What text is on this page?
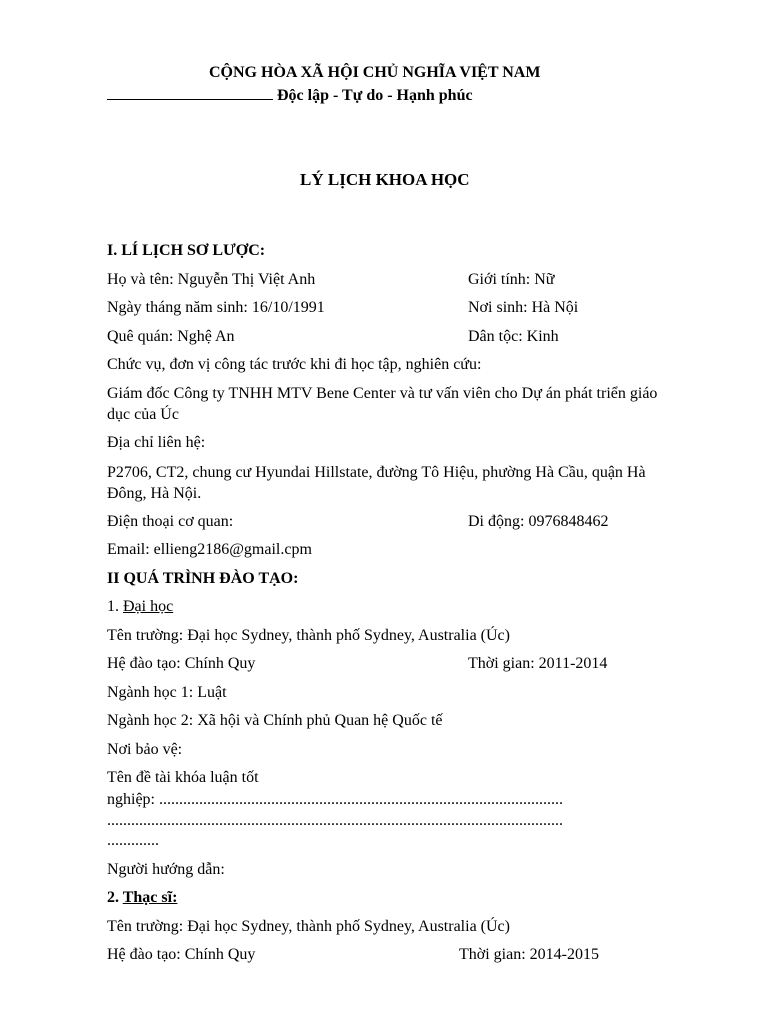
CỘNG HÒA XÃ HỘI CHỦ NGHĨA VIỆT NAM
Độc lập - Tự do - Hạnh phúc
LÝ LỊCH KHOA HỌC
I. LÍ LỊCH SƠ LƯỢC:
Họ và tên: Nguyễn Thị Việt Anh	Giới tính: Nữ
Ngày tháng năm sinh: 16/10/1991	Nơi sinh: Hà Nội
Quê quán: Nghệ An	Dân tộc: Kinh
Chức vụ, đơn vị công tác trước khi đi học tập, nghiên cứu:
Giám đốc Công ty TNHH MTV Bene Center và tư vấn viên cho Dự án phát triển giáo dục của Úc
Địa chỉ liên hệ:
P2706, CT2, chung cư Hyundai Hillstate, đường Tô Hiệu, phường Hà Cầu, quận Hà Đông, Hà Nội.
Điện thoại cơ quan:	Di động: 0976848462
Email: ellieng2186@gmail.cpm
II QUÁ TRÌNH ĐÀO TẠO:
1. Đại học
Tên trường: Đại học Sydney, thành phố Sydney, Australia (Úc)
Hệ đào tạo: Chính Quy	Thời gian: 2011-2014
Ngành học 1: Luật
Ngành học 2: Xã hội và Chính phủ Quan hệ Quốc tế
Nơi bảo vệ:
Tên đề tài khóa luận tốt
nghiệp: .....................................................................................................
..................................................................................................................
.............
Người hướng dẫn:
2. Thạc sĩ:
Tên trường: Đại học Sydney, thành phố Sydney, Australia (Úc)
Hệ đào tạo: Chính Quy	Thời gian: 2014-2015
